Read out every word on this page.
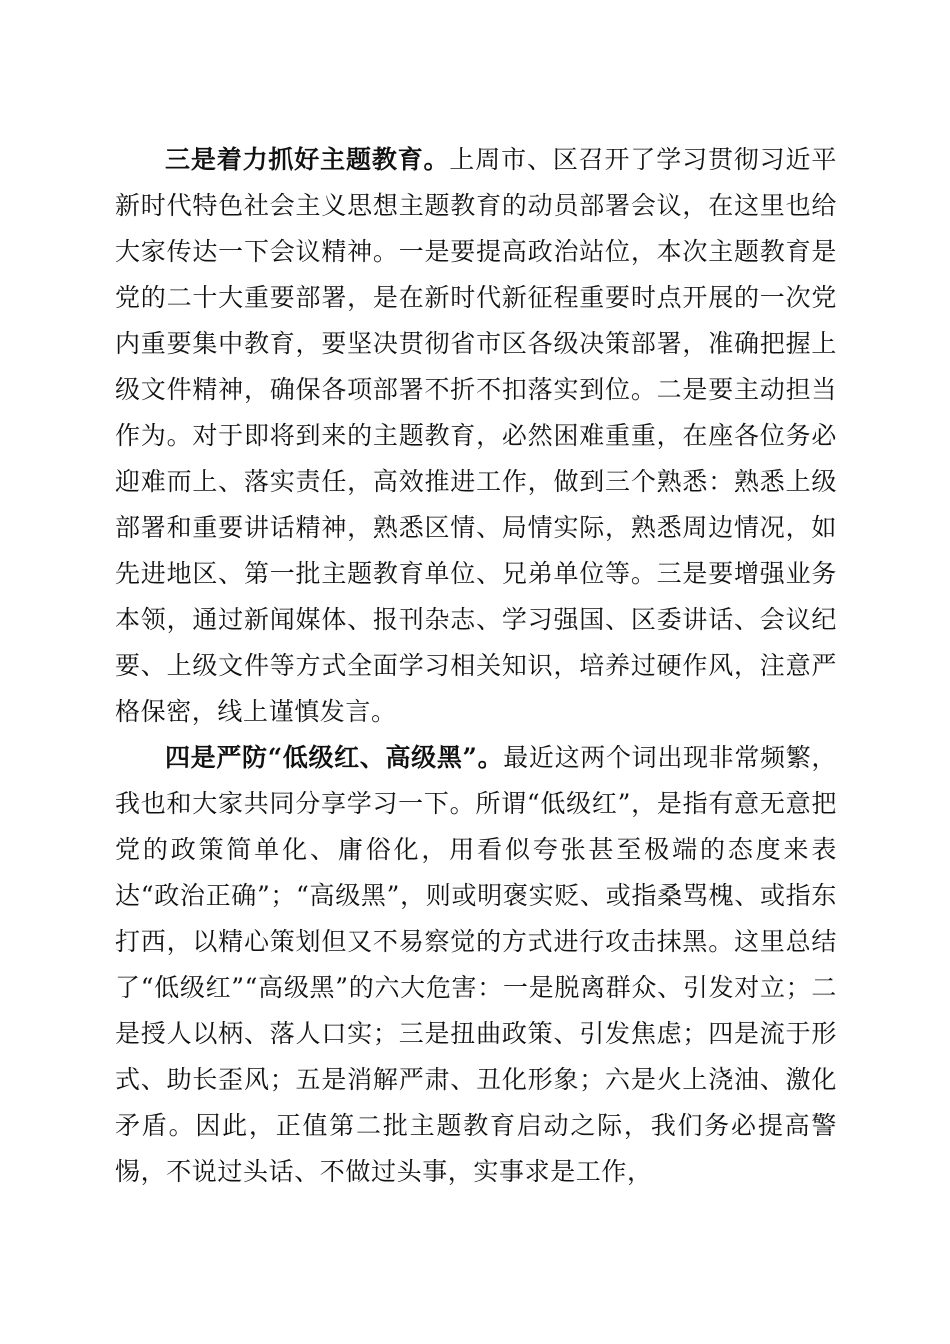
三是着力抓好主题教育。上周市、区召开了学习贯彻习近平新时代特色社会主义思想主题教育的动员部署会议，在这里也给大家传达一下会议精神。一是要提高政治站位，本次主题教育是党的二十大重要部署，是在新时代新征程重要时点开展的一次党内重要集中教育，要坚决贯彻省市区各级决策部署，准确把握上级文件精神，确保各项部署不折不扣落实到位。二是要主动担当作为。对于即将到来的主题教育，必然困难重重，在座各位务必迎难而上、落实责任，高效推进工作，做到三个熟悉：熟悉上级部署和重要讲话精神，熟悉区情、局情实际，熟悉周边情况，如先进地区、第一批主题教育单位、兄弟单位等。三是要增强业务本领，通过新闻媒体、报刊杂志、学习强国、区委讲话、会议纪要、上级文件等方式全面学习相关知识，培养过硬作风，注意严格保密，线上谨慎发言。

四是严防“低级红、高级黑”。最近这两个词出现非常频繁，我也和大家共同分享学习一下。所谓“低级红”，是指有意无意把党的政策简单化、庸俗化，用看似夸张甚至极端的态度来表达“政治正确”；“高级黑”，则或明褒实贬、或指桑骂槐、或指东打西，以精心策划但又不易察觉的方式进行攻击抹黑。这里总结了“低级红”“高级黑”的六大危害：一是脱离群众、引发对立；二是授人以柄、落人口实；三是扭曲政策、引发焦虑；四是流于形式、助长歪风；五是消解严肃、丑化形象；六是火上浇油、激化矛盾。因此，正值第二批主题教育启动之际，我们务必提高警惕，不说过头话、不做过头事，实事求是工作，
